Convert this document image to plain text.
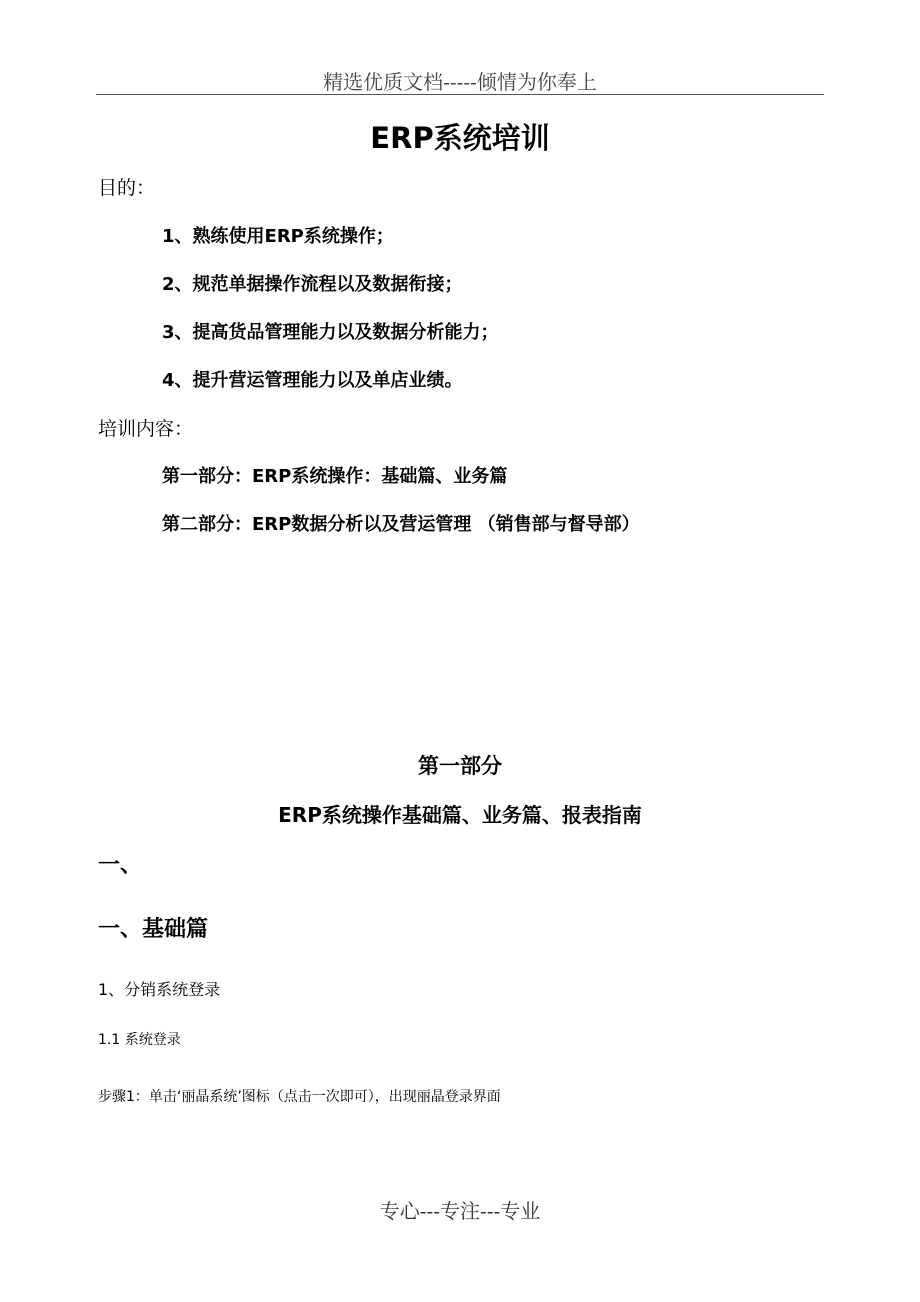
精选优质文档-----倾情为你奉上
ERP系统培训
目的：
1、熟练使用ERP系统操作；
2、规范单据操作流程以及数据衔接；
3、提高货品管理能力以及数据分析能力；
4、提升营运管理能力以及单店业绩。
培训内容：
第一部分：ERP系统操作：基础篇、业务篇
第二部分：ERP数据分析以及营运管理 （销售部与督导部）
第一部分
ERP系统操作基础篇、业务篇、报表指南
一、
一、基础篇
1、分销系统登录
1.1 系统登录
步骤1：单击‘丽晶系统’图标（点击一次即可），出现丽晶登录界面
专心---专注---专业
